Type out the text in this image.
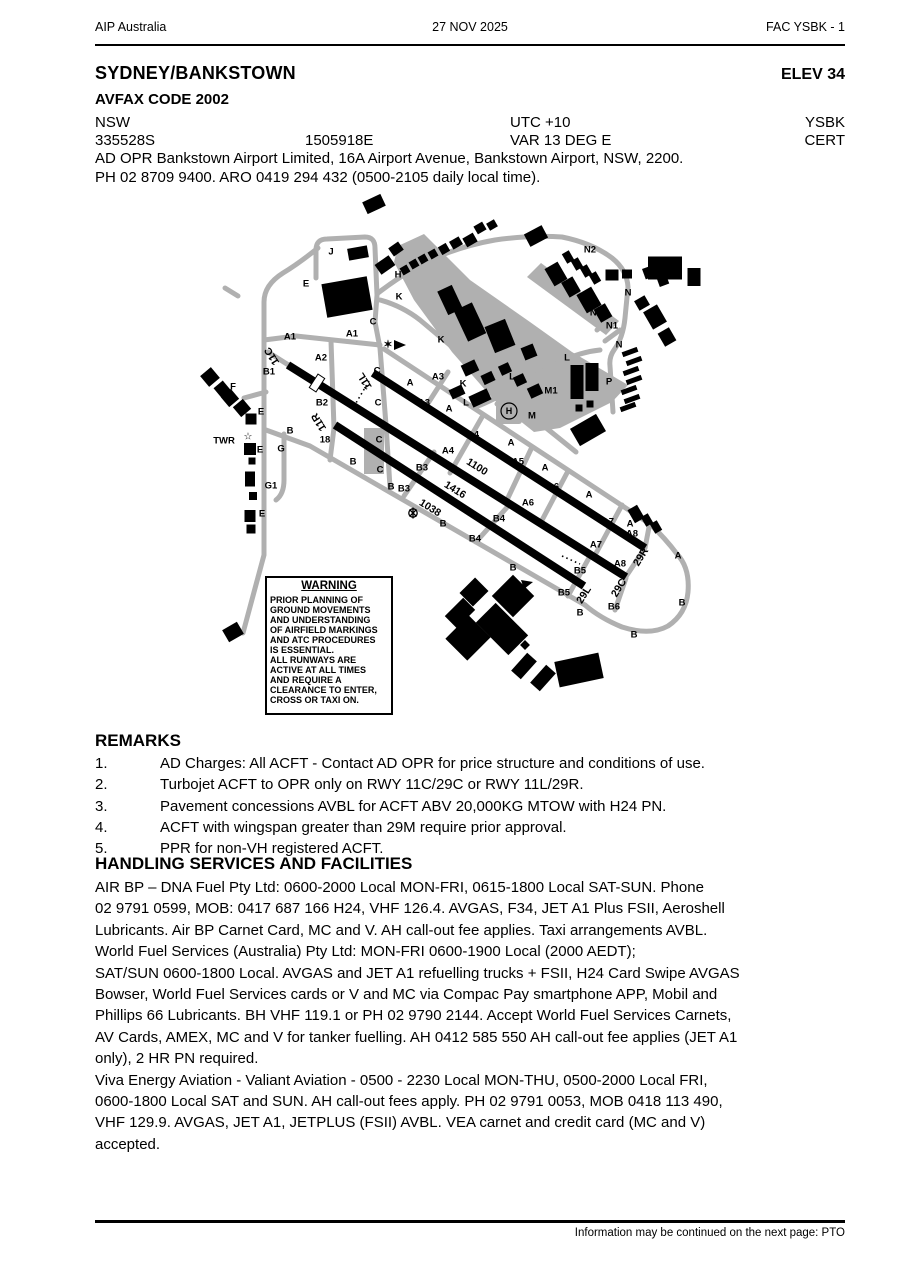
AIP Australia	27 NOV 2025	FAC YSBK - 1
SYDNEY/BANKSTOWN	ELEV 34
AVFAX CODE 2002
NSW	UTC +10	YSBK
335528S	1505918E	VAR 13 DEG E	CERT
AD OPR Bankstown Airport Limited, 16A Airport Avenue, Bankstown Airport, NSW, 2200.
PH 02 8709 9400. ARO 0419 294 432 (0500-2105 daily local time).
✶
☆
H
J
E
H
K
C
A1	A1
A2
B1
11C
11L
11R
B2
18
F
TWR
E
E G
G1
E
B
B
C
C
C
C
B
B3
B3
B	B4
B4
B	B5
B5
B6
B
B
B
A
A
A3
K
K
A3
A
A4
A4
A
A5
A
A6
A6
A
A7
A7
A8
A8
A
29R
29C
29L
1100
1416
1038
L
L
L
M
M1
N
N1
N1
N
N2
P
WARNING
PRIOR PLANNING OF
GROUND MOVEMENTS
AND UNDERSTANDING
OF AIRFIELD MARKINGS
AND ATC PROCEDURES
IS ESSENTIAL.
ALL RUNWAYS ARE
ACTIVE AT ALL TIMES
AND REQUIRE A
CLEARANCE TO ENTER,
CROSS OR TAXI ON.
REMARKS
1.	AD Charges: All ACFT - Contact AD OPR for price structure and conditions of use.
2.	Turbojet ACFT to OPR only on RWY 11C/29C or RWY 11L/29R.
3.	Pavement concessions AVBL for ACFT ABV 20,000KG MTOW with H24 PN.
4.	ACFT with wingspan greater than 29M require prior approval.
5.	PPR for non-VH registered ACFT.
HANDLING SERVICES AND FACILITIES
AIR BP – DNA Fuel Pty Ltd: 0600-2000 Local MON-FRI, 0615-1800 Local SAT-SUN. Phone
02 9791 0599, MOB: 0417 687 166 H24, VHF 126.4. AVGAS, F34, JET A1 Plus FSII, Aeroshell
Lubricants. Air BP Carnet Card, MC and V. AH call-out fee applies. Taxi arrangements AVBL.
World Fuel Services (Australia) Pty Ltd: MON-FRI 0600-1900 Local (2000 AEDT);
SAT/SUN 0600-1800 Local. AVGAS and JET A1 refuelling trucks + FSII, H24 Card Swipe AVGAS
Bowser, World Fuel Services cards or V and MC via Compac Pay smartphone APP, Mobil and
Phillips 66 Lubricants. BH VHF 119.1 or PH 02 9790 2144. Accept World Fuel Services Carnets,
AV Cards, AMEX, MC and V for tanker fuelling. AH 0412 585 550 AH call-out fee applies (JET A1
only), 2 HR PN required.
Viva Energy Aviation - Valiant Aviation - 0500 - 2230 Local MON-THU, 0500-2000 Local FRI,
0600-1800 Local SAT and SUN. AH call-out fees apply. PH 02 9791 0053, MOB 0418 113 490,
VHF 129.9. AVGAS, JET A1, JETPLUS (FSII) AVBL. VEA carnet and credit card (MC and V)
accepted.
Information may be continued on the next page: PTO
